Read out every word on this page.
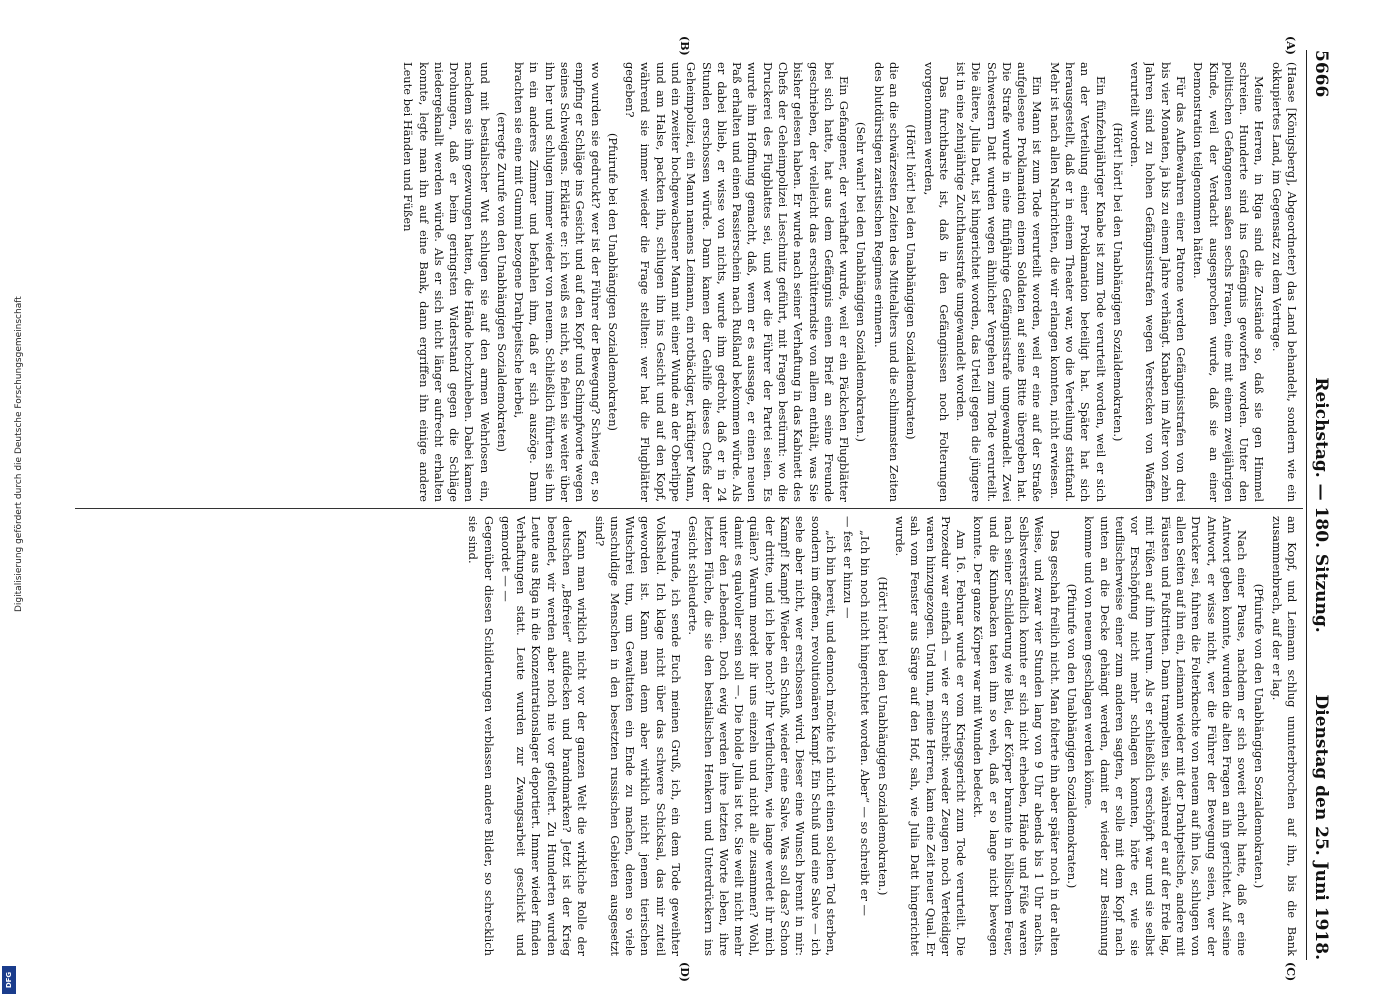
5666
Reichstag. — 180. Sitzung.
Dienstag den 25. Juni 1918.
(A)
(B)
(C)
(D)

(Haase [Königsberg], Abgeordneter) das Land behandelt, sondern wie ein okkupiertes Land, im Gegensatz zu dem Vertrage.

Meine Herren, in Riga sind die Zustände so, daß sie gen Himmel schreien. Hunderte sind ins Gefängnis geworfen worden. Unter den politischen Gefangenen saßen sechs Frauen, eine mit einem zweijährigen Kinde, weil der Verdacht ausgesprochen wurde, daß sie an einer Demonstration teilgenommen hätten.

Für das Aufbewahren einer Patrone werden Gefängnisstrafen von drei bis vier Monaten, ja bis zu einem Jahre verhängt. Knaben im Alter von zehn Jahren sind zu hohen Gefängnisstrafen wegen Verstecken von Waffen verurteilt worden.

(Hört! hört! bei den Unabhängigen Sozialdemokraten.)

Ein fünfzehnjähriger Knabe ist zum Tode verurteilt worden, weil er sich an der Verteilung einer Proklamation beteiligt hat. Später hat sich herausgestellt, daß er in einem Theater war, wo die Verteilung stattfand. Mehr ist nach allen Nachrichten, die wir erlangen konnten, nicht erwiesen.

Ein Mann ist zum Tode verurteilt worden, weil er eine auf der Straße aufgelesene Proklamation einem Soldaten auf seine Bitte übergeben hat. Die Strafe wurde in eine fünfjährige Gefängnisstrafe umgewandelt. Zwei Schwestern Datt wurden wegen ähnlicher Vergehen zum Tode verurteilt. Die ältere, Julia Datt, ist hingerichtet worden, das Urteil gegen die jüngere ist in eine zehnjährige Zuchthausstrafe umgewandelt worden.

Das furchtbarste ist, daß in den Gefängnissen noch Folterungen vorgenommen werden,

(Hört! hört! bei den Unabhängigen Sozialdemokraten)

die an die schwärzesten Zeiten des Mittelalters und die schlimmsten Zeiten des blutdürstigen zaristischen Regimes erinnern.

(Sehr wahr! bei den Unabhängigen Sozialdemokraten.)

Ein Gefangener, der verhaftet wurde, weil er ein Päckchen Flugblätter bei sich hatte, hat aus dem Gefängnis einen Brief an seine Freunde geschrieben, der vielleicht das erschütterndste von allem enthält, was Sie bisher gelesen haben. Er wurde nach seiner Verhaftung in das Kabinett des Chefs der Geheimpolizei Lieschnitz geführt, mit Fragen bestürmt: wo die Druckerei des Flugblattes sei, und wer die Führer der Partei seien. Es wurde ihm Hoffnung gemacht, daß, wenn er es aussage, er einen neuen Paß erhalten und einen Passierschein nach Rußland bekommen würde. Als er dabei blieb, er wisse von nichts, wurde ihm gedroht, daß er in 24 Stunden erschossen würde. Dann kamen der Gehilfe dieses Chefs der Geheimpolizei, ein Mann namens Leimann, ein rotbäckiger, kräftiger Mann, und ein zweiter hochgewachsener Mann mit einer Wunde an der Oberlippe und am Halse, packten ihn, schlugen ihn ins Gesicht und auf den Kopf, während sie immer wieder die Frage stellten: wer hat die Flugblätter gegeben?

(Pfuirufe bei den Unabhängigen Sozialdemokraten)

wo wurden sie gedruckt? wer ist der Führer der Bewegung? Schwieg er, so empfing er Schläge ins Gesicht und auf den Kopf und Schimpfworte wegen seines Schweigens. Erklärte er: ich weiß es nicht, so fielen sie weiter über ihn her und schlugen immer wieder von neuem. Schließlich führten sie ihn in ein anderes Zimmer und befahlen ihm, daß er sich auszöge. Dann brachten sie eine mit Gummi bezogene Drahtpeitsche herbei,

(erregte Zurufe von den Unabhängigen Sozialdemokraten)

und mit bestialischer Wut schlugen sie auf den armen Wehrlosen ein, nachdem sie ihm gezwungen hatten, die Hände hochzuheben. Dabei kamen Drohungen, daß er beim geringsten Widerstand gegen die Schläge niedergeknallt werden würde. Als er sich nicht länger aufrecht erhalten konnte, legte man ihn auf eine Bank, dann ergriffen ihn einige andere Leute bei Händen und Füßen

am Kopf, und Leimann schlug ununterbrochen auf ihn, bis die Bank zusammenbrach, auf der er lag.

(Pfuirufe von den Unabhängigen Sozialdemokraten.)

Nach einer Pause, nachdem er sich soweit erholt hatte, daß er eine Antwort geben konnte, wurden die alten Fragen an ihn gerichtet. Auf seine Antwort, er wisse nicht, wer die Führer der Bewegung seien, wer der Drucker sei, fuhren die Folterknechte von neuem auf ihn los, schlugen von allen Seiten auf ihn ein, Leimann wieder mit der Drahtpeitsche, andere mit Fäusten und Fußtritten. Dann trampelten sie, während er auf der Erde lag, mit Füßen auf ihm herum. Als er schließlich erschöpft war und sie selbst vor Erschöpfung nicht mehr schlagen konnten, hörte er, wie sie teuflischerweise einer zum anderen sagten, er solle mit dem Kopf nach unten an die Decke gehängt werden, damit er wieder zur Besinnung komme und von neuem geschlagen werden könne.

(Pfuirufe von den Unabhängigen Sozialdemokraten.)

Das geschah freilich nicht. Man folterte ihn aber später noch in der alten Weise, und zwar vier Stunden lang von 9 Uhr abends bis 1 Uhr nachts. Selbstverständlich konnte er sich nicht erheben, Hände und Füße waren nach seiner Schilderung wie Blei, der Körper brannte in höllischem Feuer, und die Kinnbacken taten ihm so weh, daß er so lange nicht bewegen konnte. Der ganze Körper war mit Wunden bedeckt.

Am 16. Februar wurde er vom Kriegsgericht zum Tode verurteilt. Die Prozedur war einfach — wie er schreibt: weder Zeugen noch Verteidiger waren hinzugezogen. Und nun, meine Herren, kam eine Zeit neuer Qual. Er sah vom Fenster aus Särge auf den Hof, sah, wie Julia Datt hingerichtet wurde.

(Hört! hört! bei den Unabhängigen Sozialdemokraten.)

„Ich bin noch nicht hingerichtet worden. Aber“ — so schreibt er —

— fest er hinzu —

„ich bin bereit, und dennoch möchte ich nicht einen solchen Tod sterben, sondern im offenen, revolutionären Kampf. Ein Schuß und eine Salve — ich sehe aber nicht, wer erschossen wird. Dieser eine Wunsch brennt in mir: Kampf! Kampf! Wieder ein Schuß, wieder eine Salve. Was soll das? Schon der dritte, und ich lebe noch? Ihr Verfluchten, wie lange werdet ihr mich quälen? Warum mordet ihr uns einzeln und nicht alle zusammen? Wohl, damit es qualvoller sein soll —. Die holde Julia ist tot. Sie weilt nicht mehr unter den Lebenden. Doch ewig werden ihre letzten Worte leben, ihre letzten Flüche, die sie den bestialischen Henkern und Unterdrückern ins Gesicht schleuderte.

Freunde, ich sende Euch meinen Gruß, ich, ein dem Tode geweihter Volksheld. Ich klage nicht über das schwere Schicksal, das mir zuteil geworden ist. Kann man denn aber wirklich nicht jenem tierischen Wutschrei tun, um Gewalttaten ein Ende zu machen, denen so viele unschuldige Menschen in den besetzten russischen Gebieten ausgesetzt sind?

Kann man wirklich nicht vor der ganzen Welt die wirkliche Rolle der deutschen „Befreier“ aufdecken und brandmarken? Jetzt ist der Krieg beendet, wir werden aber noch nie vor gefoltert. Zu Hunderten wurden Leute aus Riga in die Konzentrationslager deportiert. Immer wieder finden Verhaftungen statt. Leute wurden zur Zwangsarbeit geschickt und gemordet — —

Gegenüber diesen Schilderungen verblassen andere Bilder, so schrecklich sie sind.

Digitalisierung gefördert durch die Deutsche Forschungsgemeinschaft
DFG
